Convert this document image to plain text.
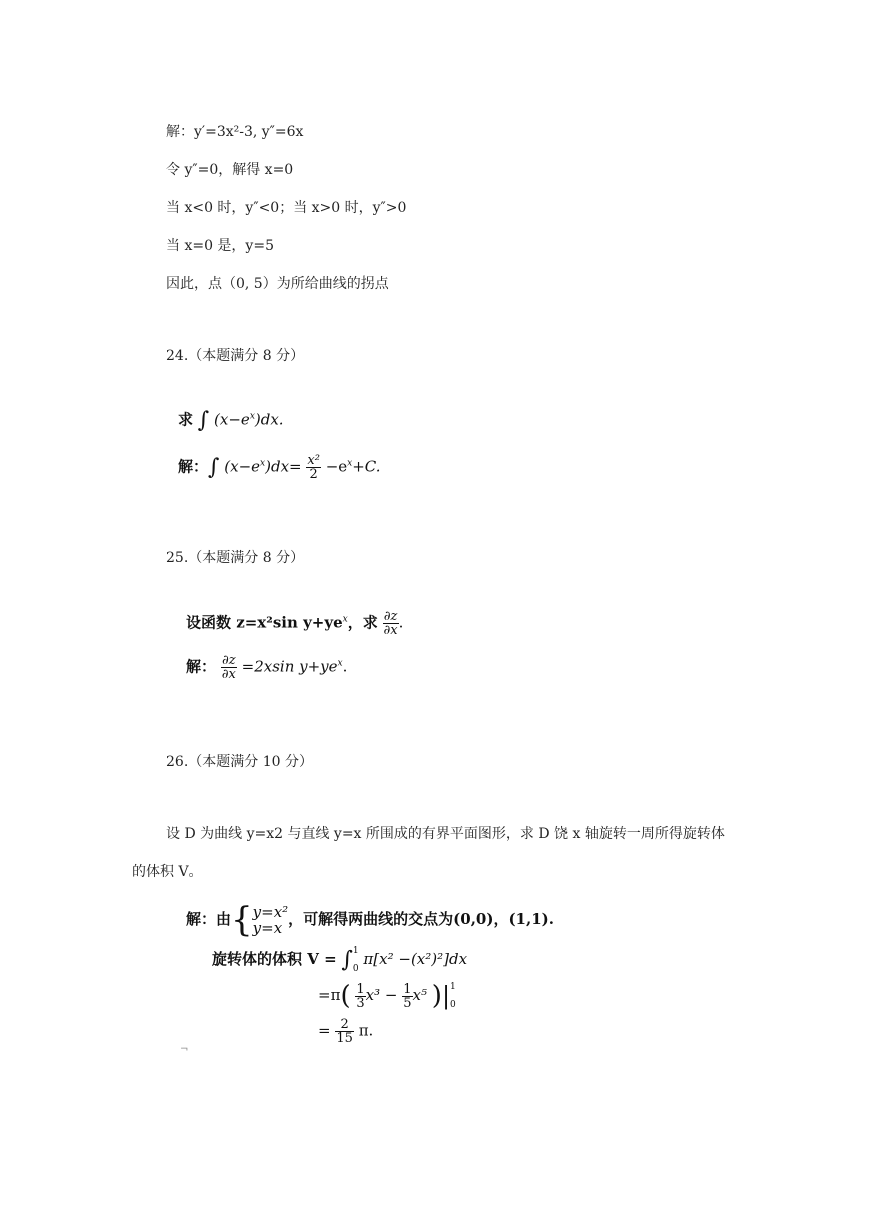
解：y′=3x²-3, y″=6x
令 y″=0，解得 x=0
当 x<0 时，y″<0；当 x>0 时，y″>0
当 x=0 是，y=5
因此，点（0, 5）为所给曲线的拐点
24.（本题满分 8 分）
求 ∫ $(x-e^x)dx$.
解：∫ $(x-e^x)dx= \frac{\text{x²}}{2} -e^x+C$.
25.（本题满分 8 分）
设函数 z=x²sin $y+ye^x$，求 $\frac{\partial z}{\partial x}$ .
解： $\frac{\partial z}{\partial x} =2xsin$ $y+ye^x$.
26.（本题满分 10 分）
设 D 为曲线 y=x2 与直线 y=x 所围成的有界平面图形，求 D 饶 x 轴旋转一周所得旋转体
的体积 V。
解：由{ y=x²
y=x ，可解得两曲线的交点为(0,0)，(1,1).
旋转体的体积 V = ∫ 1
0
π[x² −(x²)²]dx
$=\pi( \frac{1}{3} x^3 - \frac{1}{5} x^5$ )| 1
0
= $\frac{2}{15} \pi$.
¬
